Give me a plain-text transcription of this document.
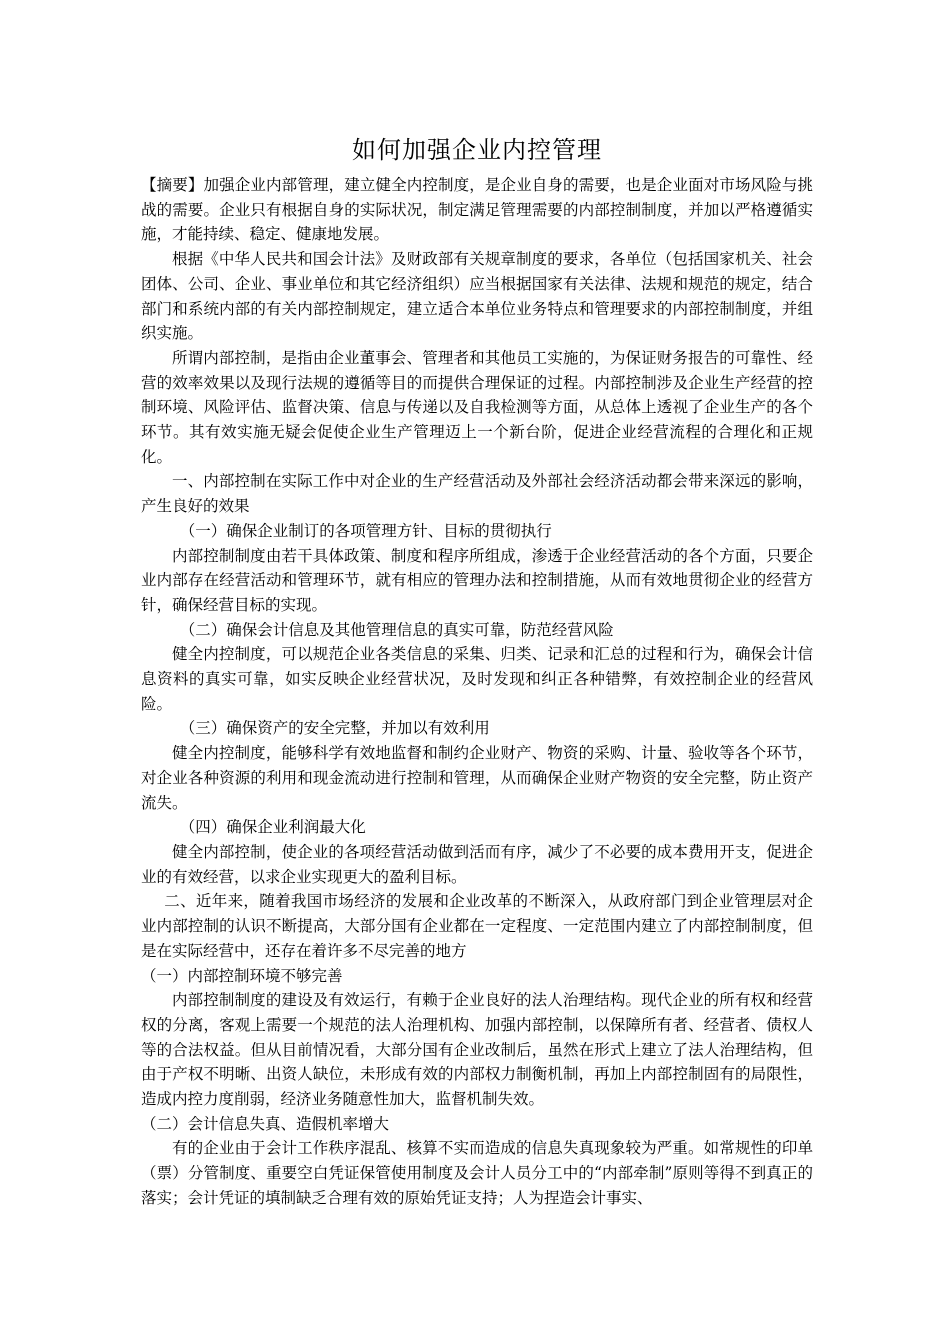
如何加强企业内控管理

【摘要】加强企业内部管理，建立健全内控制度，是企业自身的需要，也是企业面对市场风险与挑战的需要。企业只有根据自身的实际状况，制定满足管理需要的内部控制制度，并加以严格遵循实施，才能持续、稳定、健康地发展。

根据《中华人民共和国会计法》及财政部有关规章制度的要求，各单位（包括国家机关、社会团体、公司、企业、事业单位和其它经济组织）应当根据国家有关法律、法规和规范的规定，结合部门和系统内部的有关内部控制规定，建立适合本单位业务特点和管理要求的内部控制制度，并组织实施。

所谓内部控制，是指由企业董事会、管理者和其他员工实施的，为保证财务报告的可靠性、经营的效率效果以及现行法规的遵循等目的而提供合理保证的过程。内部控制涉及企业生产经营的控制环境、风险评估、监督决策、信息与传递以及自我检测等方面，从总体上透视了企业生产的各个环节。其有效实施无疑会促使企业生产管理迈上一个新台阶，促进企业经营流程的合理化和正规化。

一、内部控制在实际工作中对企业的生产经营活动及外部社会经济活动都会带来深远的影响，产生良好的效果

（一）确保企业制订的各项管理方针、目标的贯彻执行

内部控制制度由若干具体政策、制度和程序所组成，渗透于企业经营活动的各个方面，只要企业内部存在经营活动和管理环节，就有相应的管理办法和控制措施，从而有效地贯彻企业的经营方针，确保经营目标的实现。

（二）确保会计信息及其他管理信息的真实可靠，防范经营风险

健全内控制度，可以规范企业各类信息的采集、归类、记录和汇总的过程和行为，确保会计信息资料的真实可靠，如实反映企业经营状况，及时发现和纠正各种错弊，有效控制企业的经营风险。

（三）确保资产的安全完整，并加以有效利用

健全内控制度，能够科学有效地监督和制约企业财产、物资的采购、计量、验收等各个环节，对企业各种资源的利用和现金流动进行控制和管理，从而确保企业财产物资的安全完整，防止资产流失。

（四）确保企业利润最大化

健全内部控制，使企业的各项经营活动做到活而有序，减少了不必要的成本费用开支，促进企业的有效经营，以求企业实现更大的盈利目标。

二、近年来，随着我国市场经济的发展和企业改革的不断深入，从政府部门到企业管理层对企业内部控制的认识不断提高，大部分国有企业都在一定程度、一定范围内建立了内部控制制度，但是在实际经营中，还存在着许多不尽完善的地方

（一）内部控制环境不够完善

内部控制制度的建设及有效运行，有赖于企业良好的法人治理结构。现代企业的所有权和经营权的分离，客观上需要一个规范的法人治理机构、加强内部控制，以保障所有者、经营者、债权人等的合法权益。但从目前情况看，大部分国有企业改制后，虽然在形式上建立了法人治理结构，但由于产权不明晰、出资人缺位，未形成有效的内部权力制衡机制，再加上内部控制固有的局限性，造成内控力度削弱，经济业务随意性加大，监督机制失效。

（二）会计信息失真、造假机率增大

有的企业由于会计工作秩序混乱、核算不实而造成的信息失真现象较为严重。如常规性的印单（票）分管制度、重要空白凭证保管使用制度及会计人员分工中的“内部牵制”原则等得不到真正的落实；会计凭证的填制缺乏合理有效的原始凭证支持；人为捏造会计事实、
